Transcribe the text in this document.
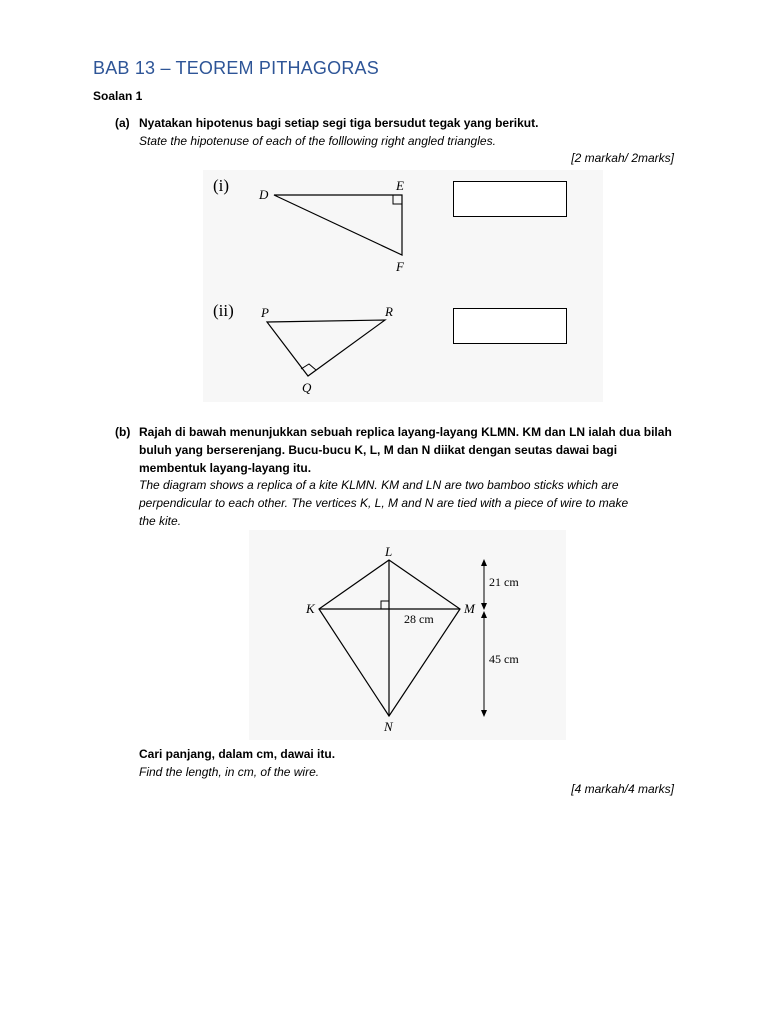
BAB 13 – TEOREM PITHAGORAS
Soalan 1
(a) Nyatakan hipotenus bagi setiap segi tiga bersudut tegak yang berikut.
State the hipotenuse of each of the folllowing right angled triangles.
[2 markah/ 2marks]
(i) D
E
F
(ii) P	R
Q
(b) Rajah di bawah menunjukkan sebuah replica layang-layang KLMN. KM dan LN ialah dua bilah
buluh yang berserenjang. Bucu-bucu K, L, M dan N diikat dengan seutas dawai bagi
membentuk layang-layang itu.
The diagram shows a replica of a kite KLMN. KM and LN are two bamboo sticks which are
perpendicular to each other. The vertices K, L, M and N are tied with a piece of wire to make
the kite.
L
K	M
N
28 cm
21 cm
45 cm
Cari panjang, dalam cm, dawai itu.
Find the length, in cm, of the wire.
[4 markah/4 marks]
